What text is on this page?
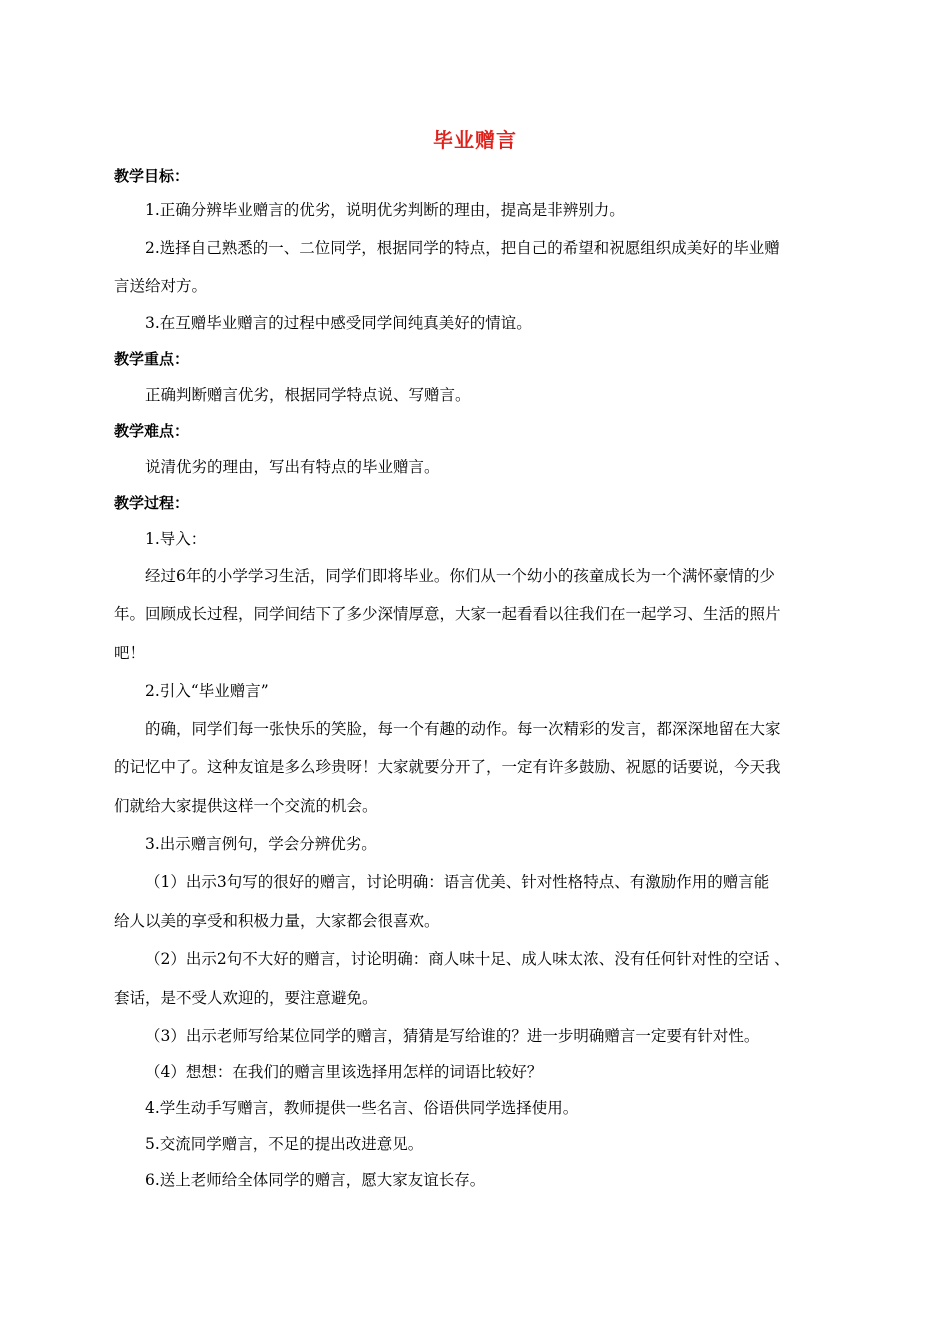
毕业赠言
教学目标：
1.正确分辨毕业赠言的优劣，说明优劣判断的理由，提高是非辨别力。
2.选择自己熟悉的一、二位同学，根据同学的特点，把自己的希望和祝愿组织成美好的毕业赠
言送给对方。
3.在互赠毕业赠言的过程中感受同学间纯真美好的情谊。
教学重点：
正确判断赠言优劣，根据同学特点说、写赠言。
教学难点：
说清优劣的理由，写出有特点的毕业赠言。
教学过程：
1.导入：
经过6年的小学学习生活，同学们即将毕业。你们从一个幼小的孩童成长为一个满怀豪情的少
年。回顾成长过程，同学间结下了多少深情厚意，大家一起看看以往我们在一起学习、生活的照片
吧！
2.引入“毕业赠言”
的确，同学们每一张快乐的笑脸，每一个有趣的动作。每一次精彩的发言，都深深地留在大家
的记忆中了。这种友谊是多么珍贵呀！大家就要分开了，一定有许多鼓励、祝愿的话要说，今天我
们就给大家提供这样一个交流的机会。
3.出示赠言例句，学会分辨优劣。
（1）出示3句写的很好的赠言，讨论明确：语言优美、针对性格特点、有激励作用的赠言能
给人以美的享受和积极力量，大家都会很喜欢。
（2）出示2句不大好的赠言，讨论明确：商人味十足、成人味太浓、没有任何针对性的空话 、
套话，是不受人欢迎的，要注意避免。
（3）出示老师写给某位同学的赠言，猜猜是写给谁的？进一步明确赠言一定要有针对性。
（4）想想：在我们的赠言里该选择用怎样的词语比较好？
4.学生动手写赠言，教师提供一些名言、俗语供同学选择使用。
5.交流同学赠言，不足的提出改进意见。
6.送上老师给全体同学的赠言，愿大家友谊长存。
